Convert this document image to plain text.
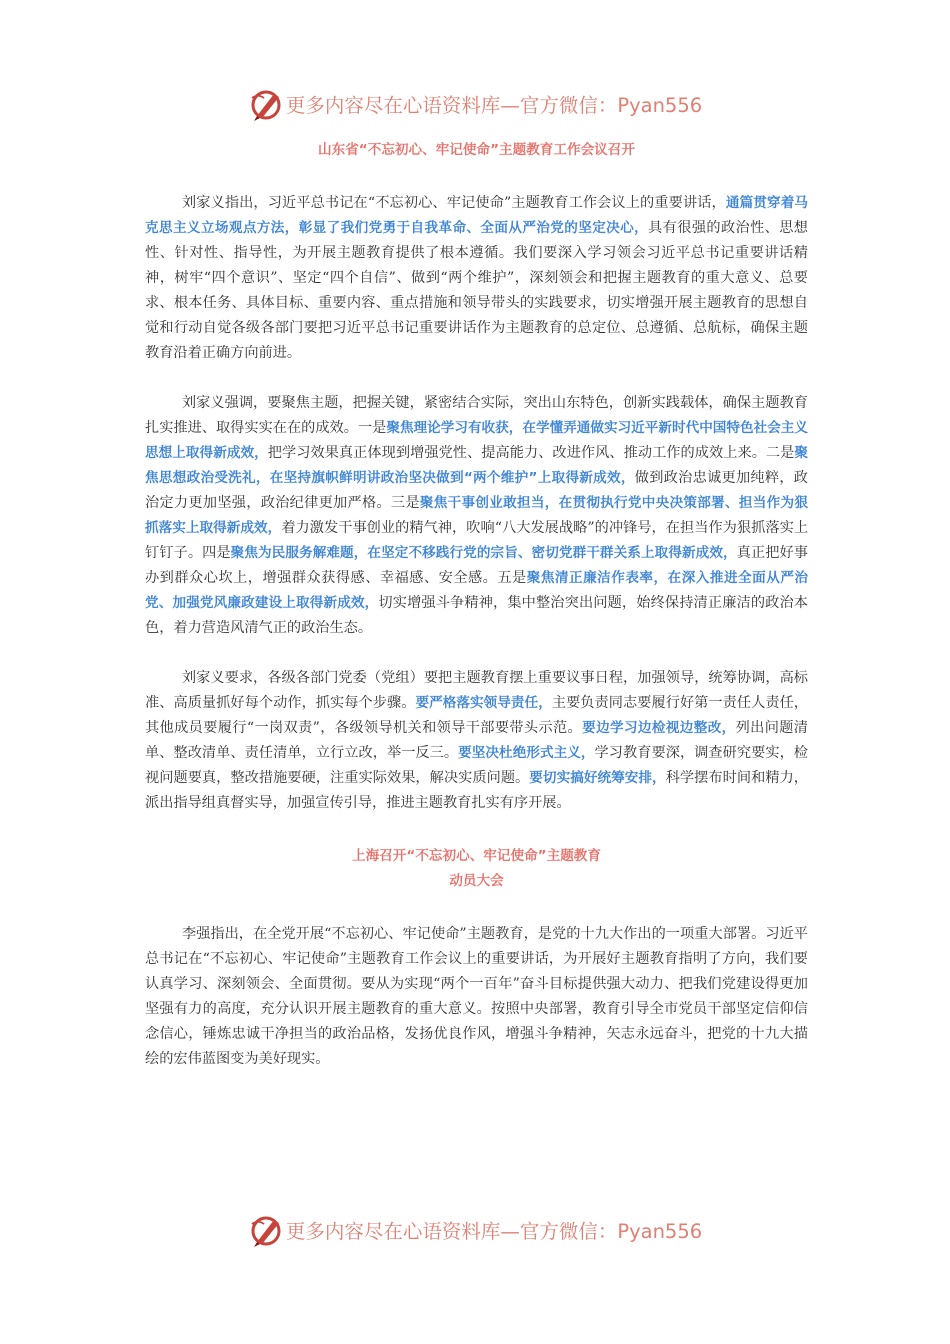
更多内容尽在心语资料库—官方微信：Pyan556
山东省“不忘初心、牢记使命”主题教育工作会议召开

刘家义指出，习近平总书记在“不忘初心、牢记使命”主题教育工作会议上的重要讲话，通篇贯穿着马克思主义立场观点方法，彰显了我们党勇于自我革命、全面从严治党的坚定决心，具有很强的政治性、思想性、针对性、指导性，为开展主题教育提供了根本遵循。我们要深入学习领会习近平总书记重要讲话精神，树牢“四个意识”、坚定“四个自信”、做到“两个维护”，深刻领会和把握主题教育的重大意义、总要求、根本任务、具体目标、重要内容、重点措施和领导带头的实践要求，切实增强开展主题教育的思想自觉和行动自觉各级各部门要把习近平总书记重要讲话作为主题教育的总定位、总遵循、总航标，确保主题教育沿着正确方向前进。

刘家义强调，要聚焦主题，把握关键，紧密结合实际，突出山东特色，创新实践载体，确保主题教育扎实推进、取得实实在在的成效。一是聚焦理论学习有收获，在学懂弄通做实习近平新时代中国特色社会主义思想上取得新成效，把学习效果真正体现到增强党性、提高能力、改进作风、推动工作的成效上来。二是聚焦思想政治受洗礼，在坚持旗帜鲜明讲政治坚决做到“两个维护”上取得新成效，做到政治忠诚更加纯粹，政治定力更加坚强，政治纪律更加严格。三是聚焦干事创业敢担当，在贯彻执行党中央决策部署、担当作为狠抓落实上取得新成效，着力激发干事创业的精气神，吹响“八大发展战略”的冲锋号，在担当作为狠抓落实上钉钉子。四是聚焦为民服务解难题，在坚定不移践行党的宗旨、密切党群干群关系上取得新成效，真正把好事办到群众心坎上，增强群众获得感、幸福感、安全感。五是聚焦清正廉洁作表率，在深入推进全面从严治党、加强党风廉政建设上取得新成效，切实增强斗争精神，集中整治突出问题，始终保持清正廉洁的政治本色，着力营造风清气正的政治生态。

刘家义要求，各级各部门党委（党组）要把主题教育摆上重要议事日程，加强领导，统筹协调，高标准、高质量抓好每个动作，抓实每个步骤。要严格落实领导责任，主要负责同志要履行好第一责任人责任，其他成员要履行“一岗双责”，各级领导机关和领导干部要带头示范。要边学习边检视边整改，列出问题清单、整改清单、责任清单，立行立改，举一反三。要坚决杜绝形式主义，学习教育要深，调查研究要实，检视问题要真，整改措施要硬，注重实际效果，解决实质问题。要切实搞好统筹安排，科学摆布时间和精力，派出指导组真督实导，加强宣传引导，推进主题教育扎实有序开展。

上海召开“不忘初心、牢记使命”主题教育
动员大会

李强指出，在全党开展“不忘初心、牢记使命”主题教育，是党的十九大作出的一项重大部署。习近平总书记在“不忘初心、牢记使命”主题教育工作会议上的重要讲话，为开展好主题教育指明了方向，我们要认真学习、深刻领会、全面贯彻。要从为实现“两个一百年”奋斗目标提供强大动力、把我们党建设得更加坚强有力的高度，充分认识开展主题教育的重大意义。按照中央部署，教育引导全市党员干部坚定信仰信念信心，锤炼忠诚干净担当的政治品格，发扬优良作风，增强斗争精神，矢志永远奋斗，把党的十九大描绘的宏伟蓝图变为美好现实。

更多内容尽在心语资料库—官方微信：Pyan556
